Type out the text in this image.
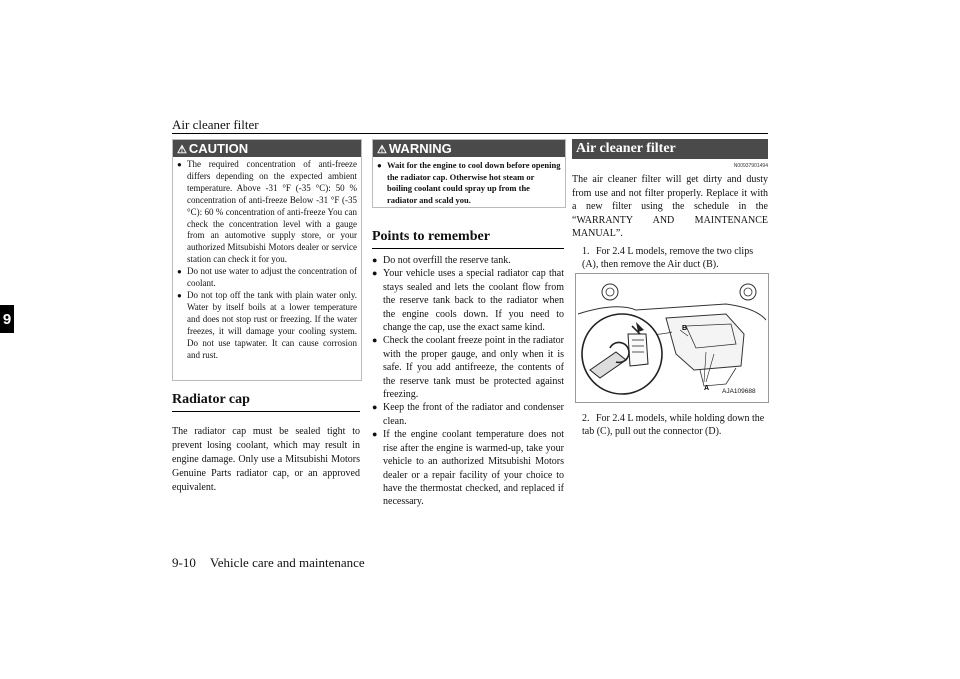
Air cleaner filter
9
⚠ CAUTION
● The required concentration of anti-freeze differs depending on the expected ambient temperature. Above -31 °F (-35 °C): 50 % concentration of anti-freeze Below -31 °F (-35 °C): 60 % concentration of anti-freeze You can check the concentration level with a gauge from an automotive supply store, or your authorized Mitsubishi Motors dealer or service station can check it for you.
● Do not use water to adjust the concentration of coolant.
● Do not top off the tank with plain water only. Water by itself boils at a lower temperature and does not stop rust or freezing. If the water freezes, it will damage your cooling system. Do not use tapwater. It can cause corrosion and rust.
Radiator cap

The radiator cap must be sealed tight to prevent losing coolant, which may result in engine damage. Only use a Mitsubishi Motors Genuine Parts radiator cap, or an approved equivalent.

⚠ WARNING
● Wait for the engine to cool down before opening the radiator cap. Otherwise hot steam or boiling coolant could spray up from the radiator and scald you.
Points to remember
● Do not overfill the reserve tank.
● Your vehicle uses a special radiator cap that stays sealed and lets the coolant flow from the reserve tank back to the radiator when the engine cools down. If you need to change the cap, use the exact same kind.
● Check the coolant freeze point in the radiator with the proper gauge, and only when it is safe. If you add antifreeze, the contents of the reserve tank must be protected against freezing.
● Keep the front of the radiator and condenser clean.
● If the engine coolant temperature does not rise after the engine is warmed-up, take your vehicle to an authorized Mitsubishi Motors dealer or a repair facility of your choice to have the thermostat checked, and replaced if necessary.
Air cleaner filter
N00937901494

The air cleaner filter will get dirty and dusty from use and not filter properly. Replace it with a new filter using the schedule in the “WARRANTY AND MAINTENANCE MANUAL”.

1. For 2.4 L models, remove the two clips (A), then remove the Air duct (B).
A
B
AJA109688
2. For 2.4 L models, while holding down the tab (C), pull out the connector (D).
9-10 Vehicle care and maintenance
